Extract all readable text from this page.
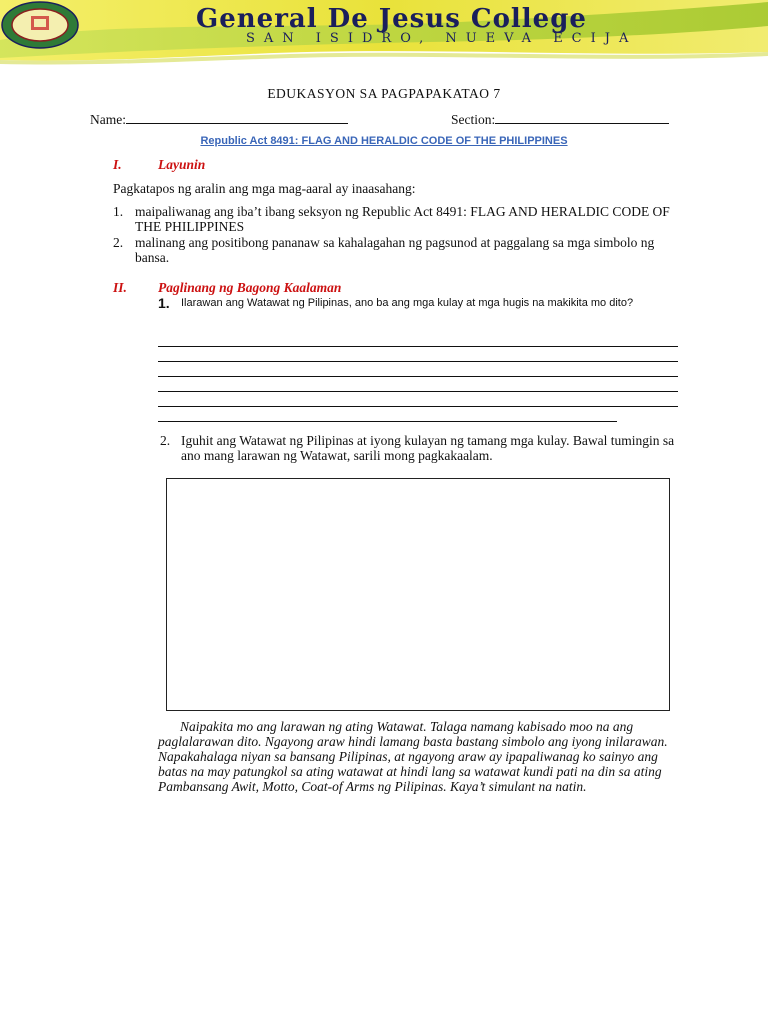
General De Jesus College
SAN ISIDRO, NUEVA ECIJA
EDUKASYON SA PAGPAPAKATAO 7
Name:	Section:
Republic Act 8491: FLAG AND HERALDIC CODE OF THE PHILIPPINES
I.	Layunin
Pagkatapos ng aralin ang mga mag-aaral ay inaasahang:
1. maipaliwanag ang iba’t ibang seksyon ng Republic Act 8491: FLAG AND HERALDIC CODE OF THE PHILIPPINES
2. malinang ang positibong pananaw sa kahalagahan ng pagsunod at paggalang sa mga simbolo ng bansa.
II. Paglinang ng Bagong Kaalaman
1. Ilarawan ang Watawat ng Pilipinas, ano ba ang mga kulay at mga hugis na makikita mo dito?
2. Iguhit ang Watawat ng Pilipinas at iyong kulayan ng tamang mga kulay. Bawal tumingin sa ano mang larawan ng Watawat, sarili mong pagkakaalam.
Naipakita mo ang larawan ng ating Watawat. Talaga namang kabisado moo na ang paglalarawan dito. Ngayong araw hindi lamang basta bastang simbolo ang iyong inilarawan. Napakahalaga niyan sa bansang Pilipinas, at ngayong araw ay ipapaliwanag ko sainyo ang batas na may patungkol sa ating watawat at hindi lang sa watawat kundi pati na din sa ating Pambansang Awit, Motto, Coat-of Arms ng Pilipinas. Kaya’t simulant na natin.
